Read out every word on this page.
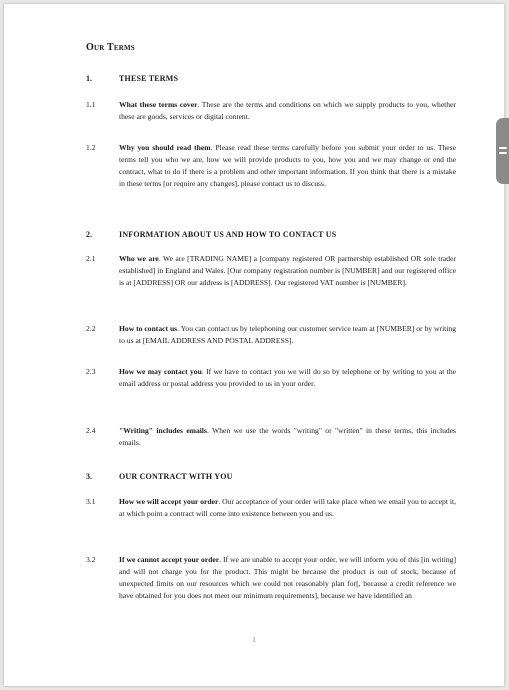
Our Terms
1.	THESE TERMS
1.1	What these terms cover. These are the terms and conditions on which we supply products to you, whether these are goods, services or digital content.
1.2	Why you should read them. Please read these terms carefully before you submit your order to us. These terms tell you who we are, how we will provide products to you, how you and we may change or end the contract, what to do if there is a problem and other important information. If you think that there is a mistake in these terms [or require any changes], please contact us to discuss.
2.	INFORMATION ABOUT US AND HOW TO CONTACT US
2.1	Who we are. We are [TRADING NAME] a [company registered OR partnership established OR sole trader established] in England and Wales. [Our company registration number is [NUMBER] and our registered office is at [ADDRESS] OR our address is [ADDRESS]. Our registered VAT number is [NUMBER].
2.2	How to contact us. You can contact us by telephoning our customer service team at [NUMBER] or by writing to us at [EMAIL ADDRESS AND POSTAL ADDRESS].
2.3	How we may contact you. If we have to contact you we will do so by telephone or by writing to you at the email address or postal address you provided to us in your order.
2.4	"Writing" includes emails. When we use the words "writing" or "written" in these terms, this includes emails.
3.	OUR CONTRACT WITH YOU
3.1	How we will accept your order. Our acceptance of your order will take place when we email you to accept it, at which point a contract will come into existence between you and us.
3.2	If we cannot accept your order. If we are unable to accept your order, we will inform you of this [in writing] and will not charge you for the product. This might be because the product is out of stock, because of unexpected limits on our resources which we could not reasonably plan for[, because a credit reference we have obtained for you does not meet our minimum requirements], because we have identified an
1
